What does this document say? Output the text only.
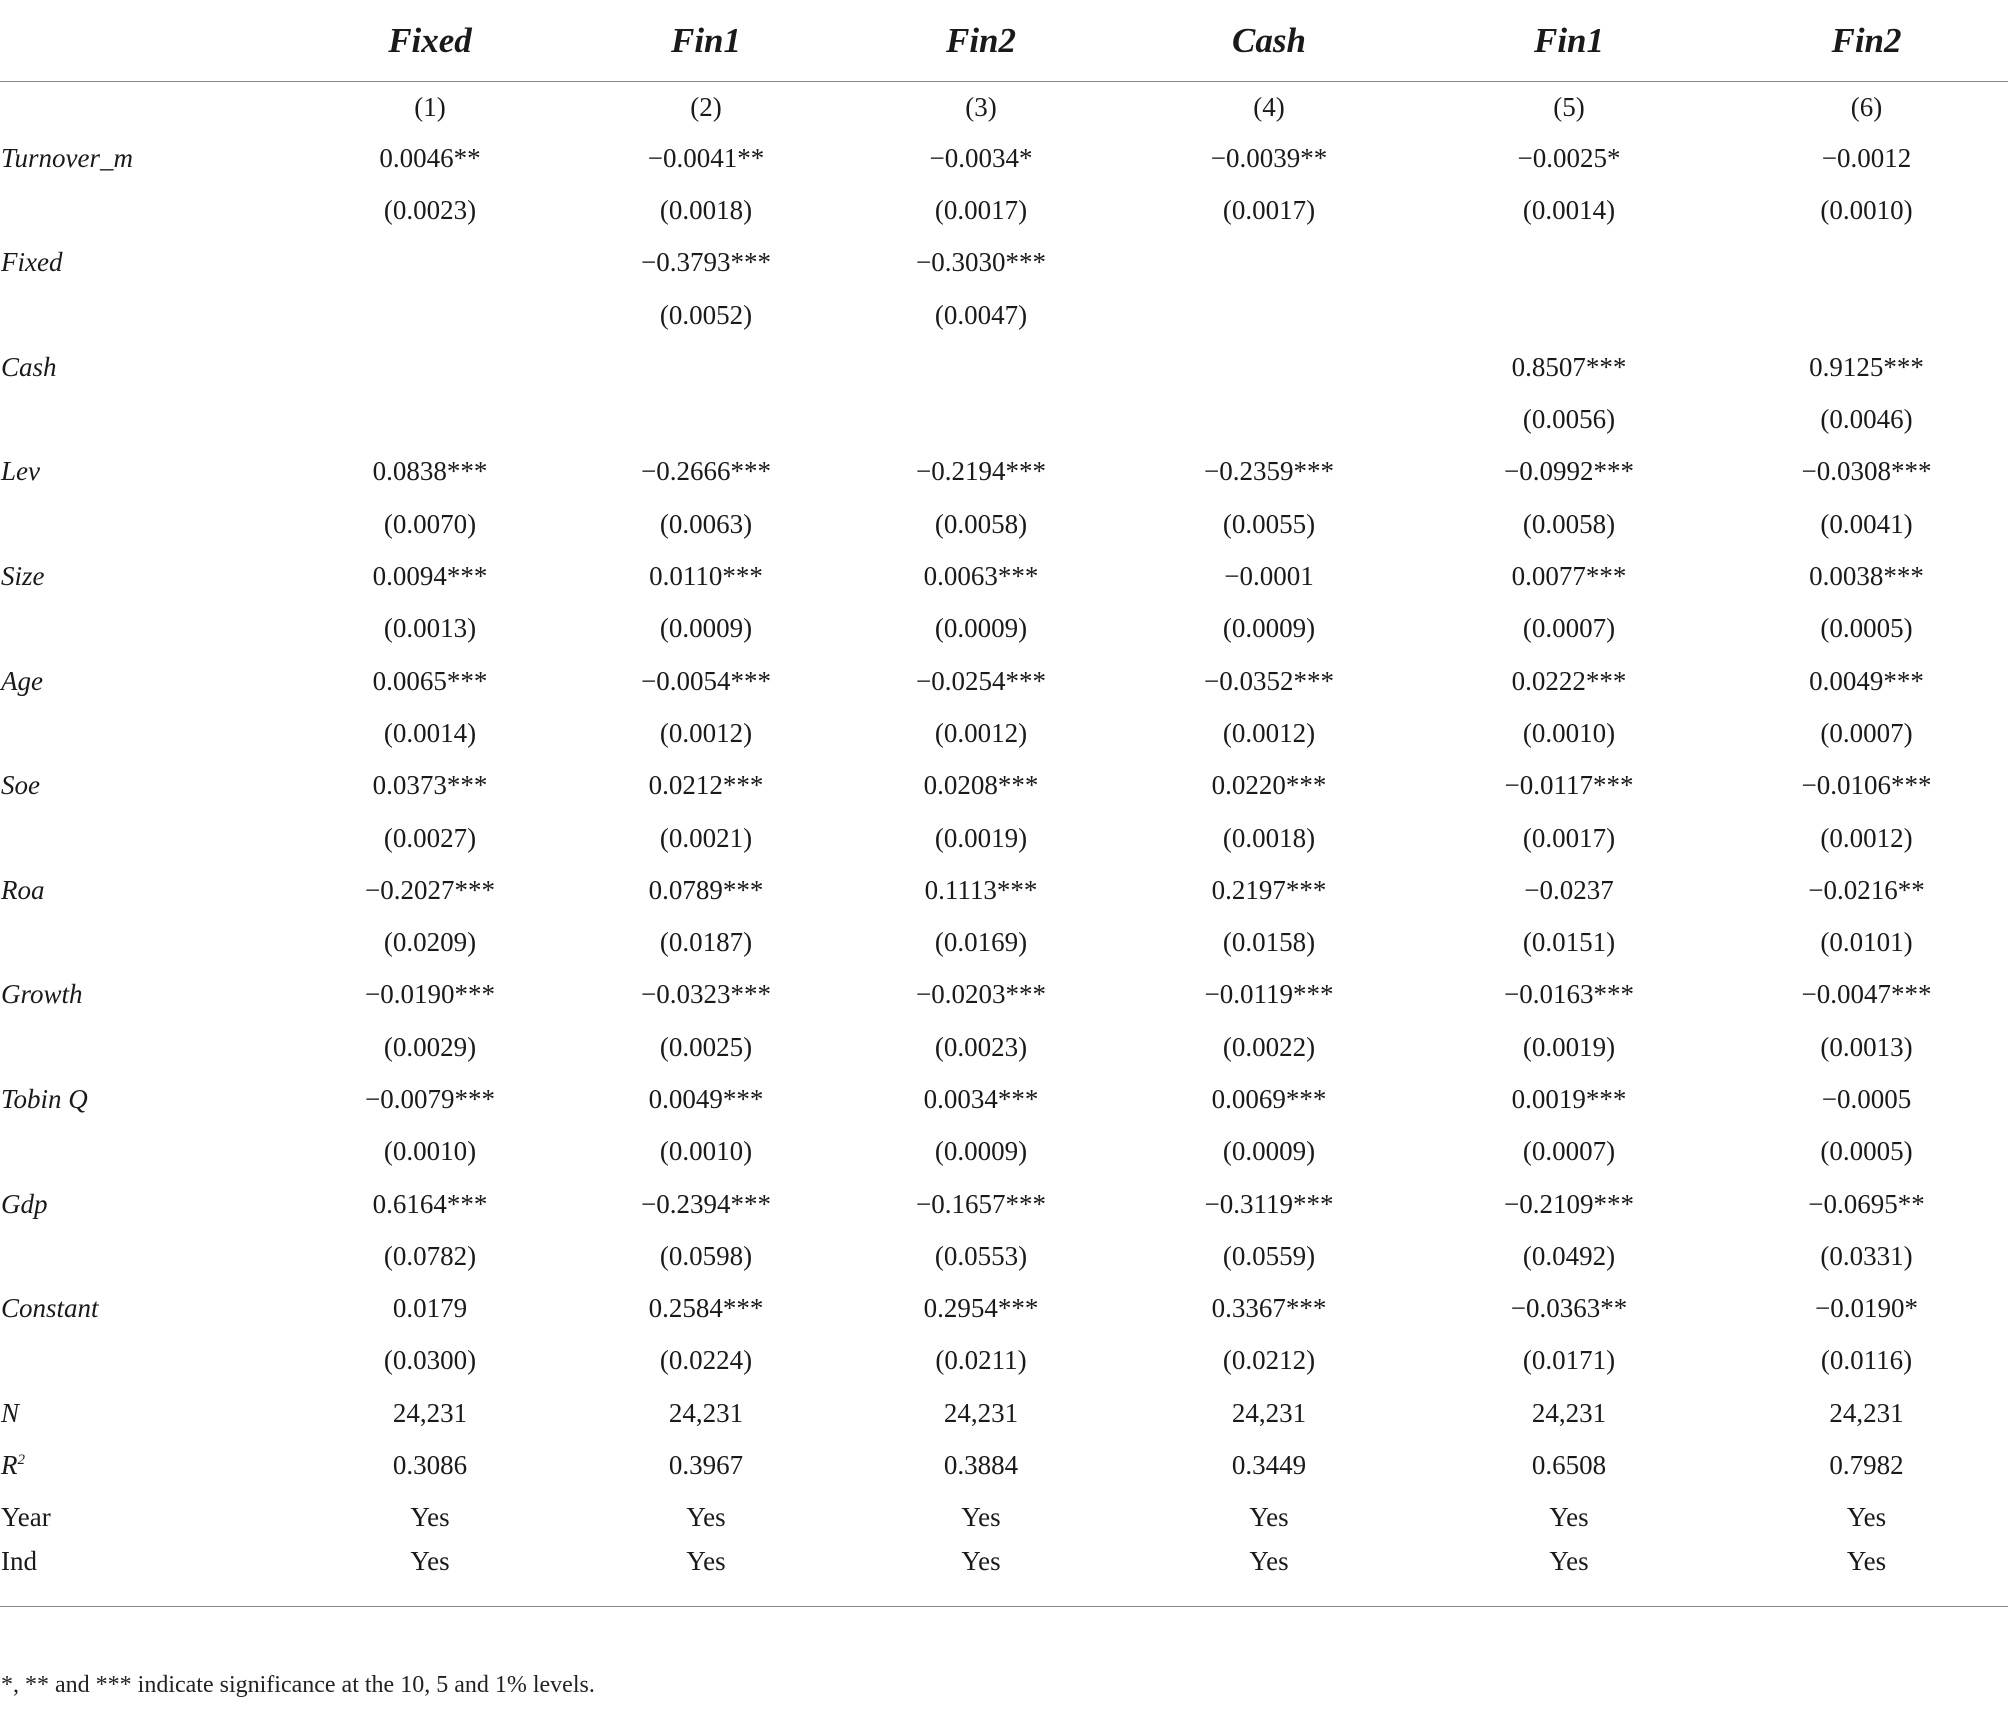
	Fixed	Fin1	Fin2	Cash	Fin1	Fin2
	(1)	(2)	(3)	(4)	(5)	(6)
Turnover_m	0.0046**	−0.0041**	−0.0034*	−0.0039**	−0.0025*	−0.0012
	(0.0023)	(0.0018)	(0.0017)	(0.0017)	(0.0014)	(0.0010)
Fixed		−0.3793***	−0.3030***			
		(0.0052)	(0.0047)			
Cash					0.8507***	0.9125***
					(0.0056)	(0.0046)
Lev	0.0838***	−0.2666***	−0.2194***	−0.2359***	−0.0992***	−0.0308***
	(0.0070)	(0.0063)	(0.0058)	(0.0055)	(0.0058)	(0.0041)
Size	0.0094***	0.0110***	0.0063***	−0.0001	0.0077***	0.0038***
	(0.0013)	(0.0009)	(0.0009)	(0.0009)	(0.0007)	(0.0005)
Age	0.0065***	−0.0054***	−0.0254***	−0.0352***	0.0222***	0.0049***
	(0.0014)	(0.0012)	(0.0012)	(0.0012)	(0.0010)	(0.0007)
Soe	0.0373***	0.0212***	0.0208***	0.0220***	−0.0117***	−0.0106***
	(0.0027)	(0.0021)	(0.0019)	(0.0018)	(0.0017)	(0.0012)
Roa	−0.2027***	0.0789***	0.1113***	0.2197***	−0.0237	−0.0216**
	(0.0209)	(0.0187)	(0.0169)	(0.0158)	(0.0151)	(0.0101)
Growth	−0.0190***	−0.0323***	−0.0203***	−0.0119***	−0.0163***	−0.0047***
	(0.0029)	(0.0025)	(0.0023)	(0.0022)	(0.0019)	(0.0013)
Tobin Q	−0.0079***	0.0049***	0.0034***	0.0069***	0.0019***	−0.0005
	(0.0010)	(0.0010)	(0.0009)	(0.0009)	(0.0007)	(0.0005)
Gdp	0.6164***	−0.2394***	−0.1657***	−0.3119***	−0.2109***	−0.0695**
	(0.0782)	(0.0598)	(0.0553)	(0.0559)	(0.0492)	(0.0331)
Constant	0.0179	0.2584***	0.2954***	0.3367***	−0.0363**	−0.0190*
	(0.0300)	(0.0224)	(0.0211)	(0.0212)	(0.0171)	(0.0116)
N	24,231	24,231	24,231	24,231	24,231	24,231
$R^2$	0.3086	0.3967	0.3884	0.3449	0.6508	0.7982
Year	Yes	Yes	Yes	Yes	Yes	Yes
Ind	Yes	Yes	Yes	Yes	Yes	Yes
*, ** and *** indicate significance at the 10, 5 and 1% levels.
